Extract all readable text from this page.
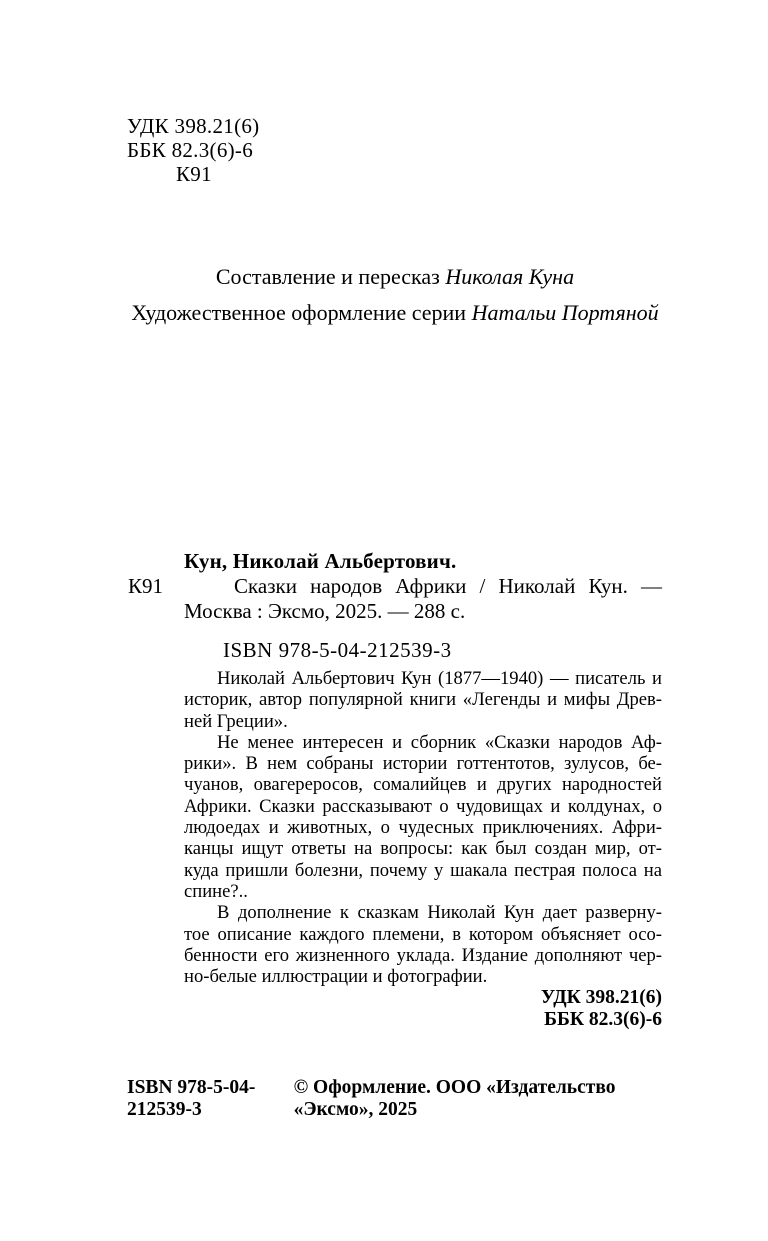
УДК 398.21(6)
ББК 82.3(6)-6
К91
Составление и пересказ Николая Куна
Художественное оформление серии Натальи Портяной
Кун, Николай Альбертович.
К91	Сказки народов Африки / Николай Кун. —
Москва : Эксмо, 2025. — 288 с.
ISBN 978-5-04-212539-3
Николай Альбертович Кун (1877—1940) — писатель и
историк, автор популярной книги «Легенды и мифы Древ-
ней Греции».
Не менее интересен и сборник «Сказки народов Аф-
рики». В нем собраны истории готтентотов, зулусов, бе-
чуанов, овагереросов, сомалийцев и других народностей
Африки. Сказки рассказывают о чудовищах и колдунах, о
людоедах и животных, о чудесных приключениях. Афри-
канцы ищут ответы на вопросы: как был создан мир, от-
куда пришли болезни, почему у шакала пестрая полоса на
спине?..
В дополнение к сказкам Николай Кун дает разверну-
тое описание каждого племени, в котором объясняет осо-
бенности его жизненного уклада. Издание дополняют чер-
но-белые иллюстрации и фотографии.
УДК 398.21(6)
ББК 82.3(6)-6
ISBN 978-5-04-212539-3
© Оформление. ООО «Издательство «Эксмо», 2025
